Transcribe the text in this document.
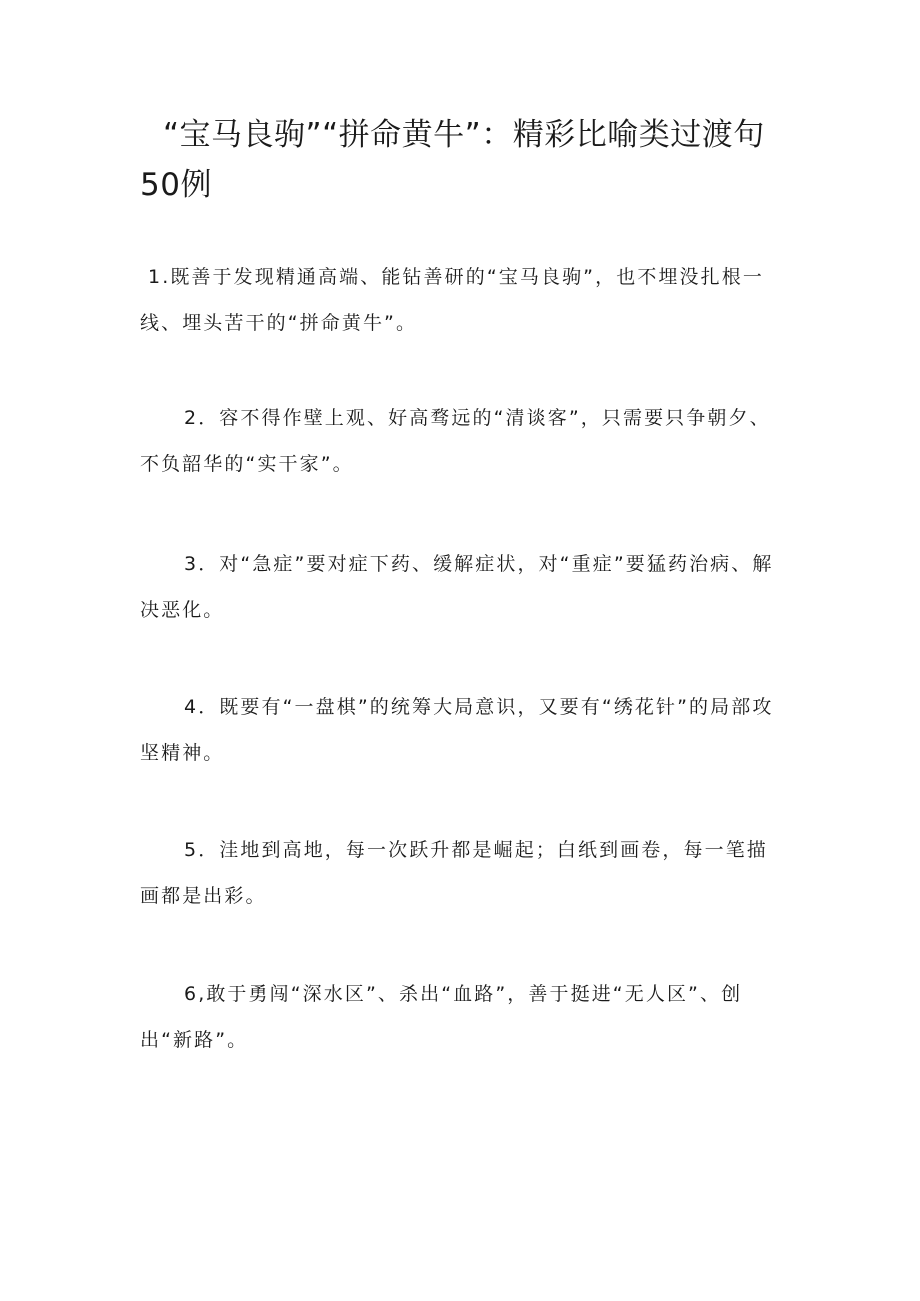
“宝马良驹”“拼命黄牛”：精彩比喻类过渡句50例

1.既善于发现精通高端、能钻善研的“宝马良驹”，也不埋没扎根一线、埋头苦干的“拼命黄牛”。

2．容不得作壁上观、好高骛远的“清谈客”，只需要只争朝夕、不负韶华的“实干家”。

3．对“急症”要对症下药、缓解症状，对“重症”要猛药治病、解决恶化。

4．既要有“一盘棋”的统筹大局意识，又要有“绣花针”的局部攻坚精神。

5．洼地到高地，每一次跃升都是崛起；白纸到画卷，每一笔描画都是出彩。

6,敢于勇闯“深水区”、杀出“血路”，善于挺进“无人区”、创出“新路”。
